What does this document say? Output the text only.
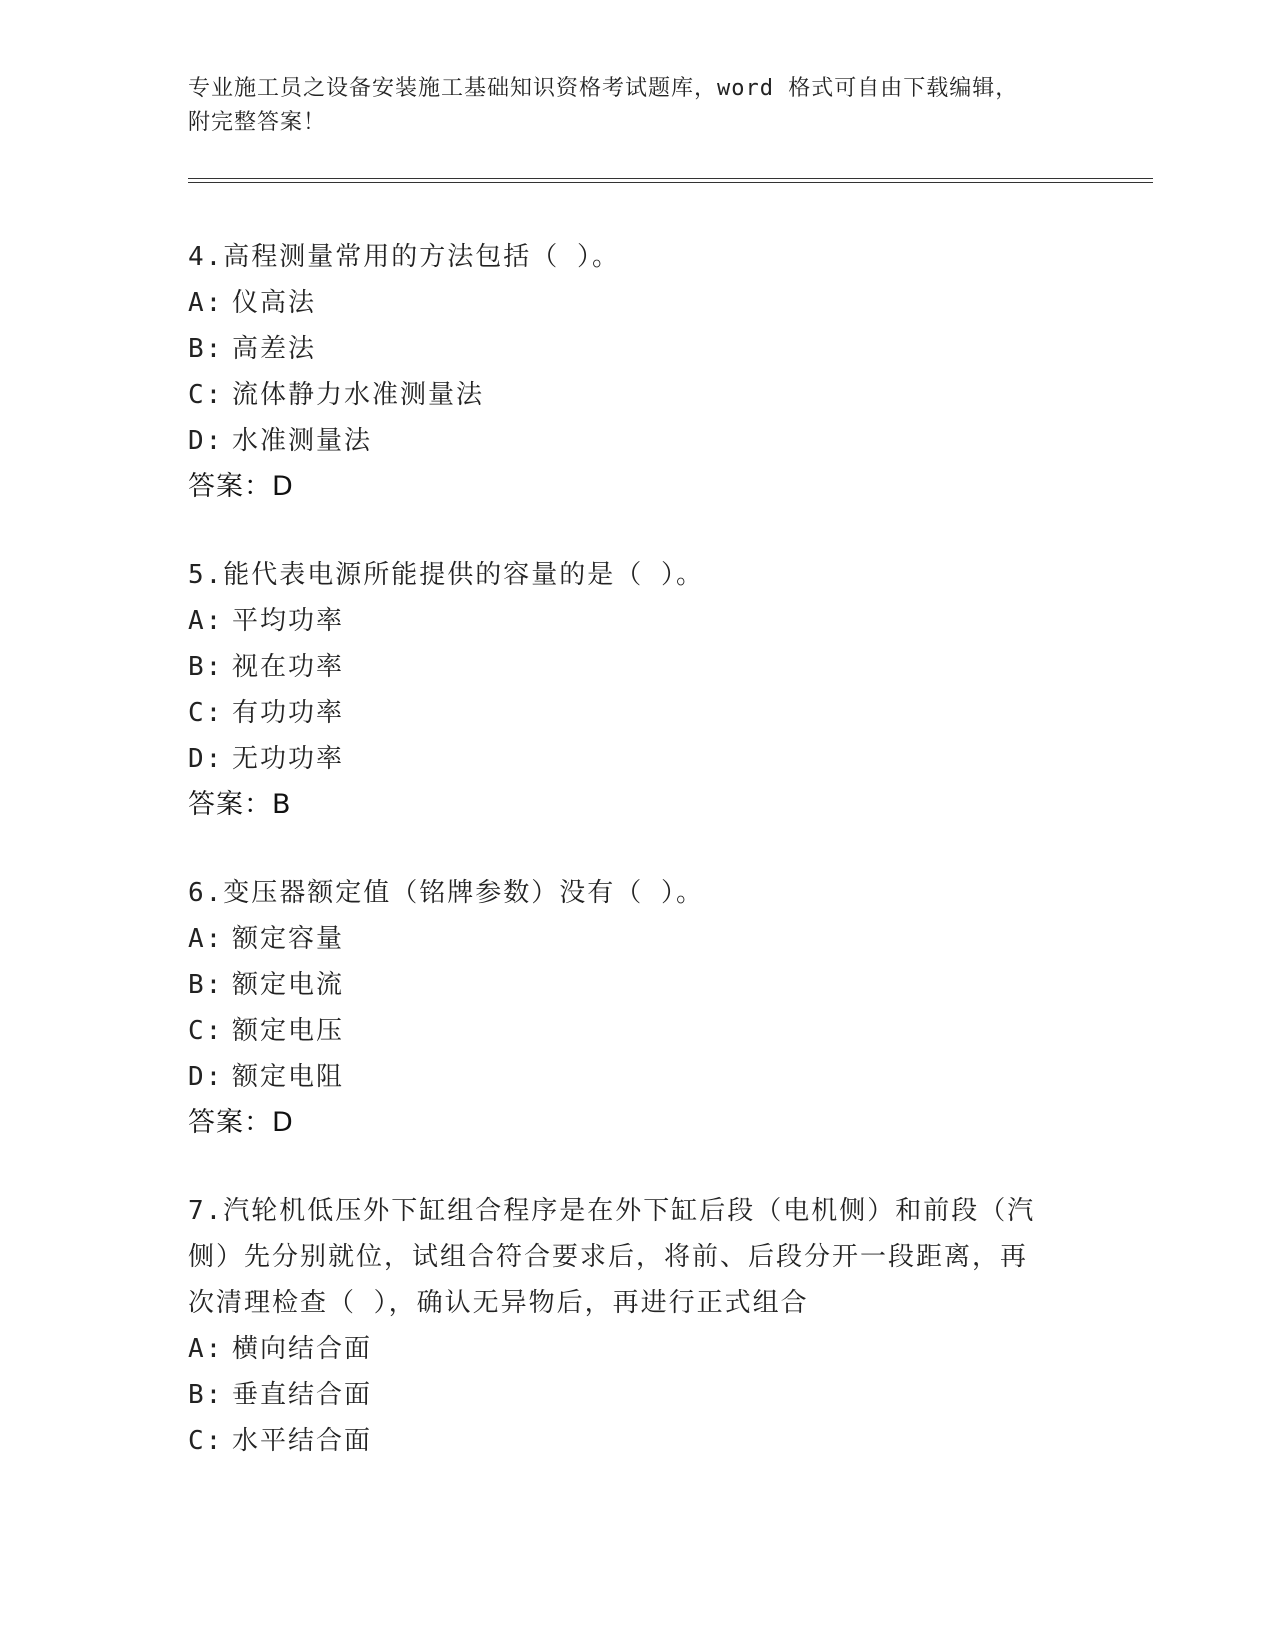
专业施工员之设备安装施工基础知识资格考试题库，word 格式可自由下载编辑，
附完整答案！
4.高程测量常用的方法包括（ ）。
A: 仪高法
B: 高差法
C: 流体静力水准测量法
D: 水准测量法
答案：D
5.能代表电源所能提供的容量的是（ ）。
A: 平均功率
B: 视在功率
C: 有功功率
D: 无功功率
答案：B
6.变压器额定值（铭牌参数）没有（ ）。
A: 额定容量
B: 额定电流
C: 额定电压
D: 额定电阻
答案：D
7.汽轮机低压外下缸组合程序是在外下缸后段（电机侧）和前段（汽
侧）先分别就位，试组合符合要求后，将前、后段分开一段距离，再
次清理检查（ ），确认无异物后，再进行正式组合
A: 横向结合面
B: 垂直结合面
C: 水平结合面
